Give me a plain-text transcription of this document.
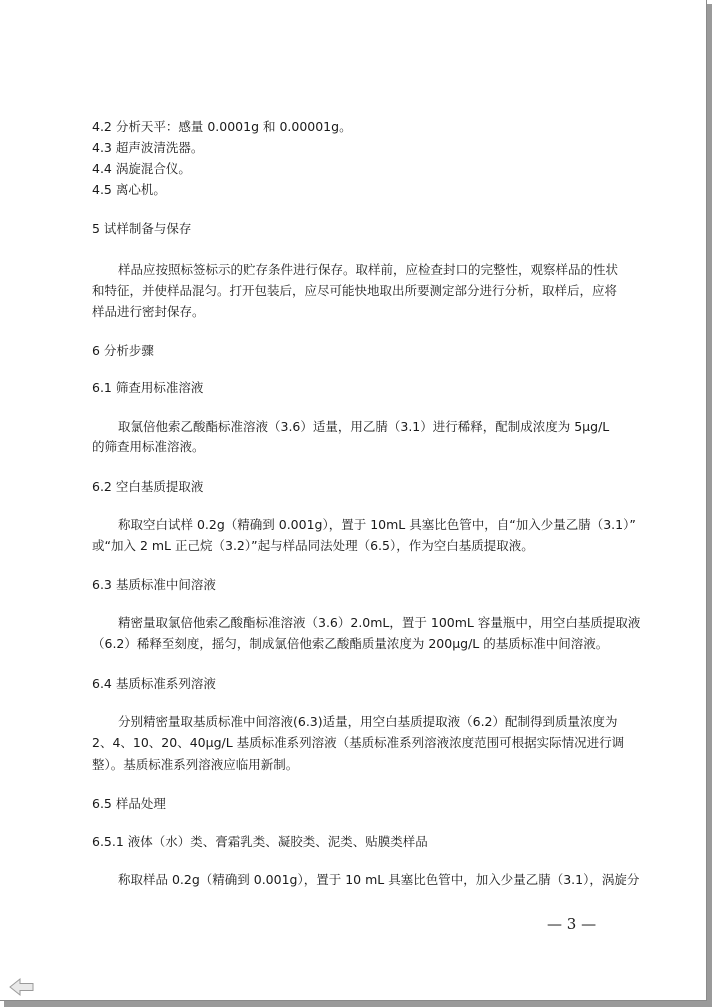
4.2 分析天平：感量 0.0001g 和 0.00001g。
4.3 超声波清洗器。
4.4 涡旋混合仪。
4.5 离心机。
5 试样制备与保存
样品应按照标签标示的贮存条件进行保存。取样前，应检查封口的完整性，观察样品的性状
和特征，并使样品混匀。打开包装后，应尽可能快地取出所要测定部分进行分析，取样后，应将
样品进行密封保存。
6 分析步骤
6.1 筛查用标准溶液
取氯倍他索乙酸酯标准溶液（3.6）适量，用乙腈（3.1）进行稀释，配制成浓度为 5μg/L
的筛查用标准溶液。
6.2 空白基质提取液
称取空白试样 0.2g（精确到 0.001g），置于 10mL 具塞比色管中，自“加入少量乙腈（3.1）”
或“加入 2 mL 正己烷（3.2）”起与样品同法处理（6.5），作为空白基质提取液。
6.3 基质标准中间溶液
精密量取氯倍他索乙酸酯标准溶液（3.6）2.0mL，置于 100mL 容量瓶中，用空白基质提取液
（6.2）稀释至刻度，摇匀，制成氯倍他索乙酸酯质量浓度为 200μg/L 的基质标准中间溶液。
6.4 基质标准系列溶液
分别精密量取基质标准中间溶液(6.3)适量，用空白基质提取液（6.2）配制得到质量浓度为
2、4、10、20、40μg/L 基质标准系列溶液（基质标准系列溶液浓度范围可根据实际情况进行调
整）。基质标准系列溶液应临用新制。
6.5 样品处理
6.5.1 液体（水）类、膏霜乳类、凝胶类、泥类、贴膜类样品
称取样品 0.2g（精确到 0.001g），置于 10 mL 具塞比色管中，加入少量乙腈（3.1），涡旋分
— 3 —
